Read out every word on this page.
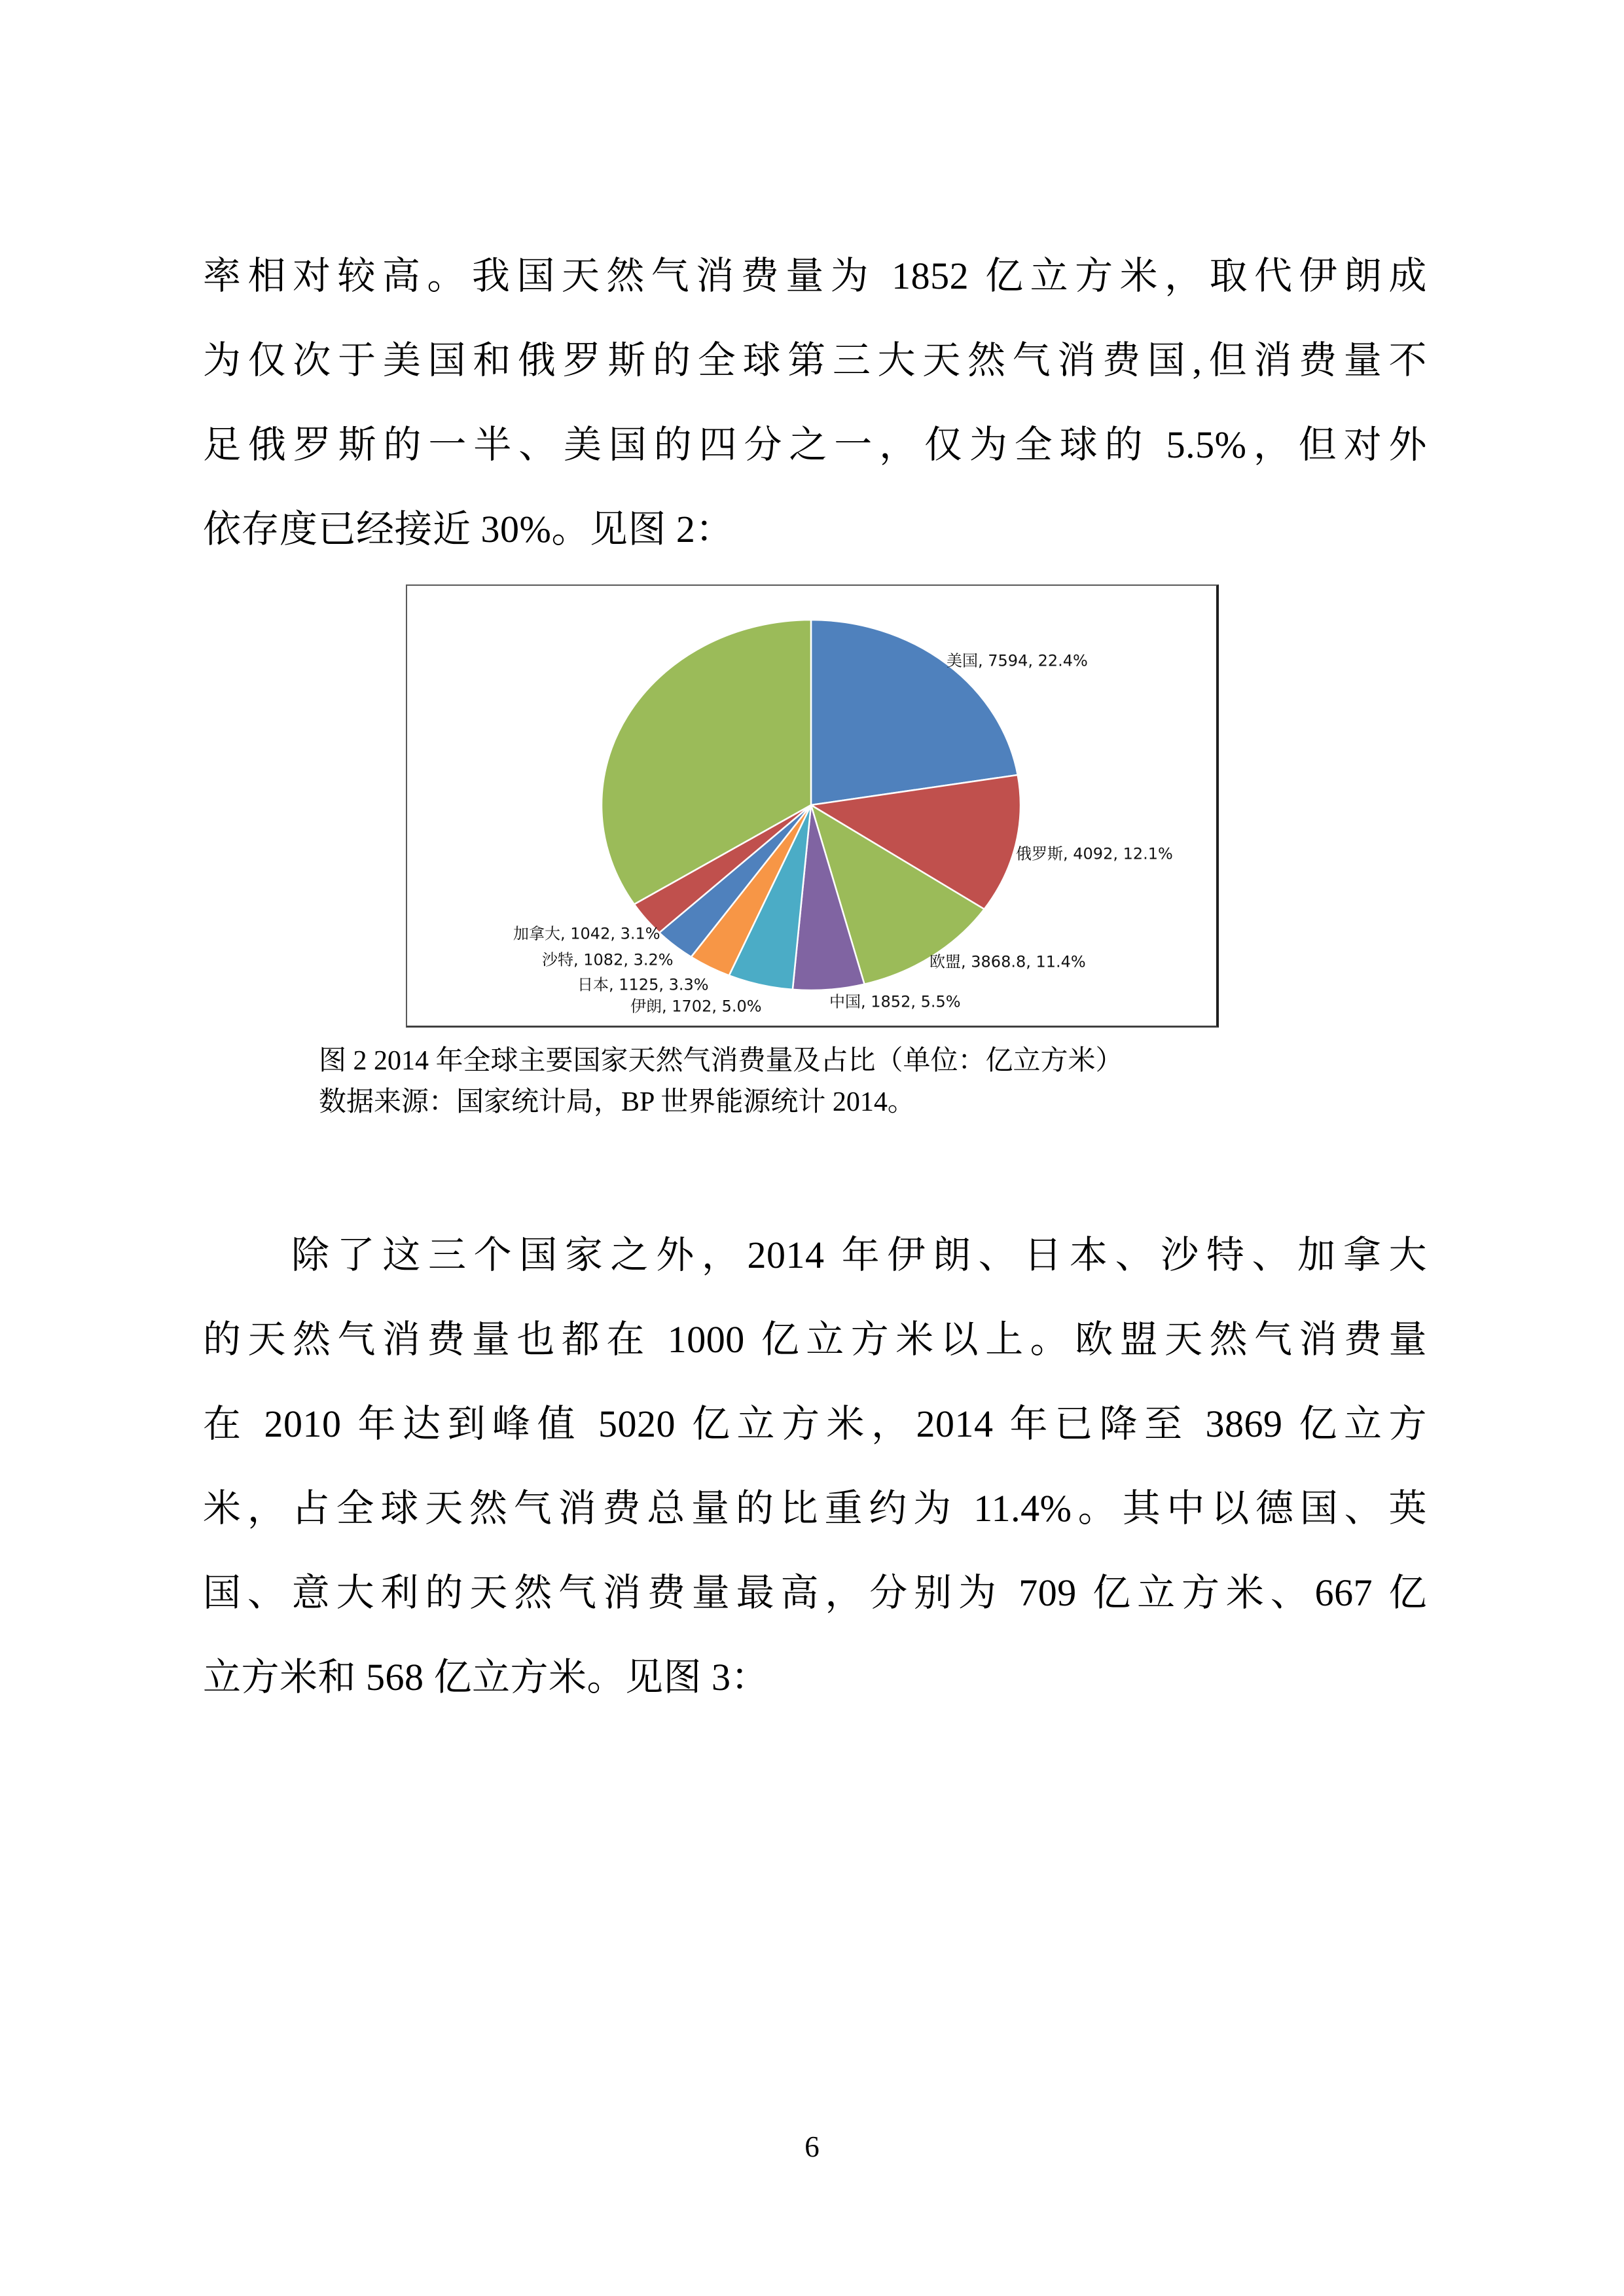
率相对较高。我国天然气消费量为 1852 亿立方米，取代伊朗成
为仅次于美国和俄罗斯的全球第三大天然气消费国,但消费量不
足俄罗斯的一半、美国的四分之一，仅为全球的 5.5%，但对外
依存度已经接近 30%。见图 2：
美国, 7594, 22.4%
俄罗斯, 4092, 12.1%
欧盟, 3868.8, 11.4%
中国, 1852, 5.5%
伊朗, 1702, 5.0%
日本, 1125, 3.3%
沙特, 1082, 3.2%
加拿大, 1042, 3.1%
图 2 2014 年全球主要国家天然气消费量及占比（单位：亿立方米）
数据来源：国家统计局，BP 世界能源统计 2014。
除了这三个国家之外，2014 年伊朗、日本、沙特、加拿大
的天然气消费量也都在 1000 亿立方米以上。欧盟天然气消费量
在 2010 年达到峰值 5020 亿立方米，2014 年已降至 3869 亿立方
米，占全球天然气消费总量的比重约为 11.4%。其中以德国、英
国、意大利的天然气消费量最高，分别为 709 亿立方米、667 亿
立方米和 568 亿立方米。见图 3：
6
